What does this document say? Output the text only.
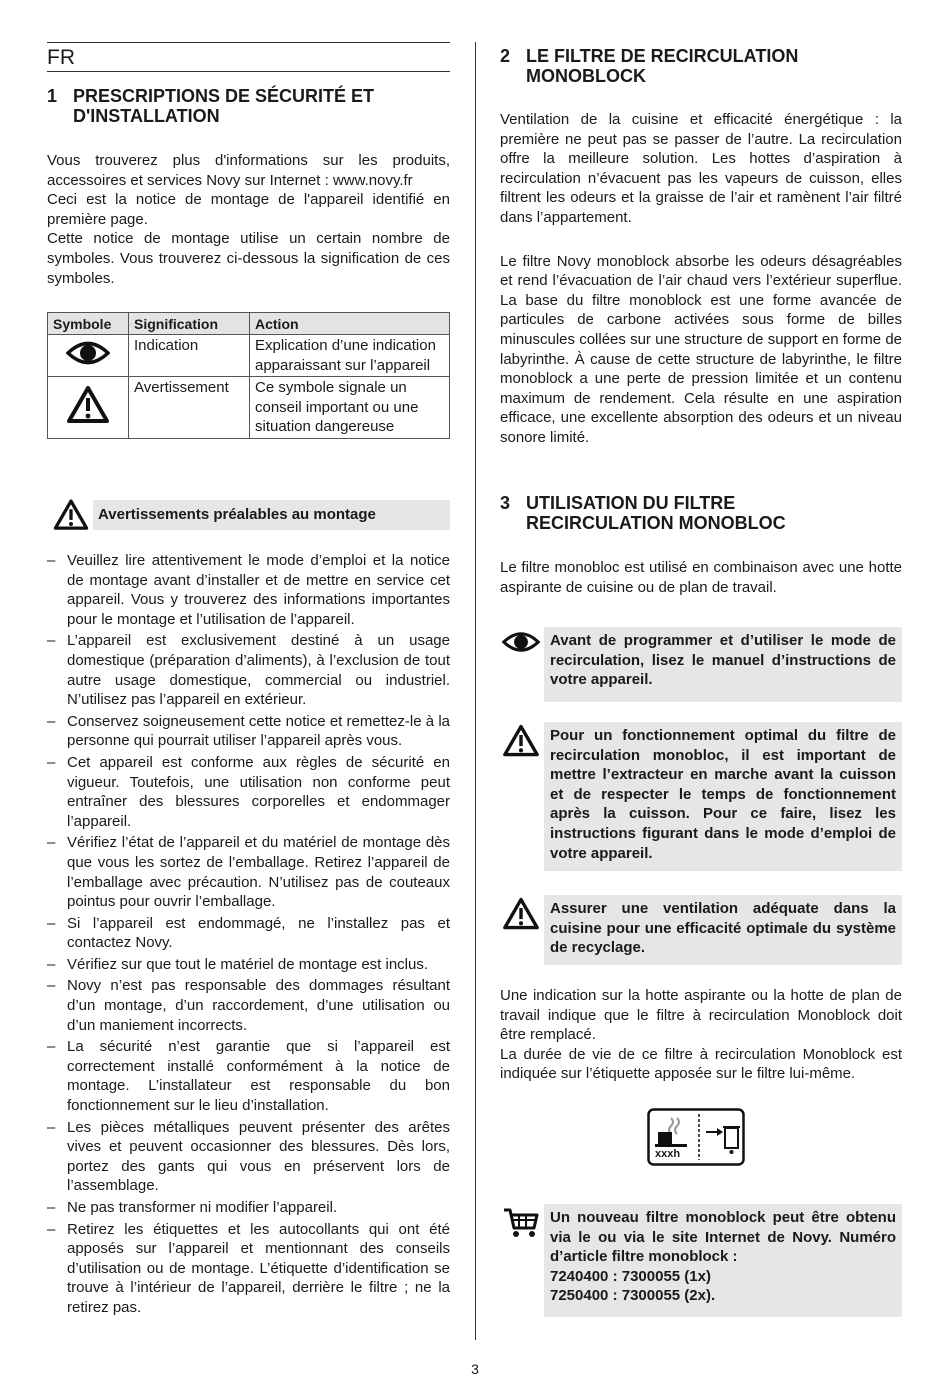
FR
1 PRESCRIPTIONS DE SÉCURITÉ ET
D'INSTALLATION

Vous trouverez plus d'informations sur les produits, accessoires et services Novy sur Internet : www.novy.fr

Ceci est la notice de montage de l'appareil identifié en première page.

Cette notice de montage utilise un certain nombre de symboles. Vous trouverez ci-dessous la signification de ces symboles.

Symbole	Signification	Action
	Indication	Explication d’une indication apparaissant sur l’appareil
	Avertissement	Ce symbole signale un conseil important ou une situation dangereuse
Avertissements préalables au montage
– Veuillez lire attentivement le mode d’emploi et la notice de montage avant d’installer et de mettre en service cet appareil. Vous y trouverez des informations importantes pour le montage et l’utilisation de l’appareil.
– L’appareil est exclusivement destiné à un usage domestique (préparation d’aliments), à l’exclusion de tout autre usage domestique, commercial ou industriel. N’utilisez pas l’appareil en extérieur.
– Conservez soigneusement cette notice et remettez-le à la personne qui pourrait utiliser l’appareil après vous.
– Cet appareil est conforme aux règles de sécurité en vigueur. Toutefois, une utilisation non conforme peut entraîner des blessures corporelles et endommager l’appareil.
– Vérifiez l’état de l’appareil et du matériel de montage dès que vous les sortez de l’emballage. Retirez l’appareil de l’emballage avec précaution. N’utilisez pas de couteaux pointus pour ouvrir l’emballage.
– Si l’appareil est endommagé, ne l’installez pas et contactez Novy.
– Vérifiez sur que tout le matériel de montage est inclus.
– Novy n’est pas responsable des dommages résultant d’un montage, d’un raccordement, d’une utilisation ou d’un maniement incorrects.
– La sécurité n’est garantie que si l’appareil est correctement installé conformément à la notice de montage. L’installateur est responsable du bon fonctionnement sur le lieu d’installation.
– Les pièces métalliques peuvent présenter des arêtes vives et peuvent occasionner des blessures. Dès lors, portez des gants qui vous en préservent lors de l’assemblage.
– Ne pas transformer ni modifier l’appareil.
– Retirez les étiquettes et les autocollants qui ont été apposés sur l’appareil et mentionnant des conseils d’utilisation ou de montage. L’étiquette d’identification se trouve à l’intérieur de l’appareil, derrière le filtre ; ne la retirez pas.
2 LE FILTRE DE RECIRCULATION
MONOBLOCK

Ventilation de la cuisine et efficacité énergétique : la première ne peut pas se passer de l’autre. La recirculation offre la meilleure solution. Les hottes d’aspiration à recirculation n’évacuent pas les vapeurs de cuisson, elles filtrent les odeurs et la graisse de l’air et ramènent l’air filtré dans l’appartement.

Le filtre Novy monoblock absorbe les odeurs désagréables et rend l’évacuation de l’air chaud vers l’extérieur superflue. La base du filtre monoblock est une forme avancée de particules de carbone activées sous forme de billes minuscules collées sur une structure de support en forme de labyrinthe. À cause de cette structure de labyrinthe, le filtre monoblock a une perte de pression limitée et un contenu maximum de rendement. Cela résulte en une aspiration efficace, une excellente absorption des odeurs et un niveau sonore limité.

3 UTILISATION DU FILTRE
RECIRCULATION MONOBLOC

Le filtre monobloc est utilisé en combinaison avec une hotte aspirante de cuisine ou de plan de travail.

Avant de programmer et d’utiliser le mode de recirculation, lisez le manuel d’instructions de votre appareil.
Pour un fonctionnement optimal du filtre de recirculation monobloc, il est important de mettre l’extracteur en marche avant la cuisson et de respecter le temps de fonctionnement après la cuisson. Pour ce faire, lisez les instructions figurant dans le mode d’emploi de votre appareil.
Assurer une ventilation adéquate dans la cuisine pour une efficacité optimale du système de recyclage.

Une indication sur la hotte aspirante ou la hotte de plan de travail indique que le filtre à recirculation Monoblock doit être remplacé.

La durée de vie de ce filtre à recirculation Monoblock est indiquée sur l’étiquette apposée sur le filtre lui-même.

xxxh
Un nouveau filtre monoblock peut être obtenu via le ou via le site Internet de Novy. Numéro d’article filtre monoblock :
7240400 : 7300055 (1x)
7250400 : 7300055 (2x).
3
